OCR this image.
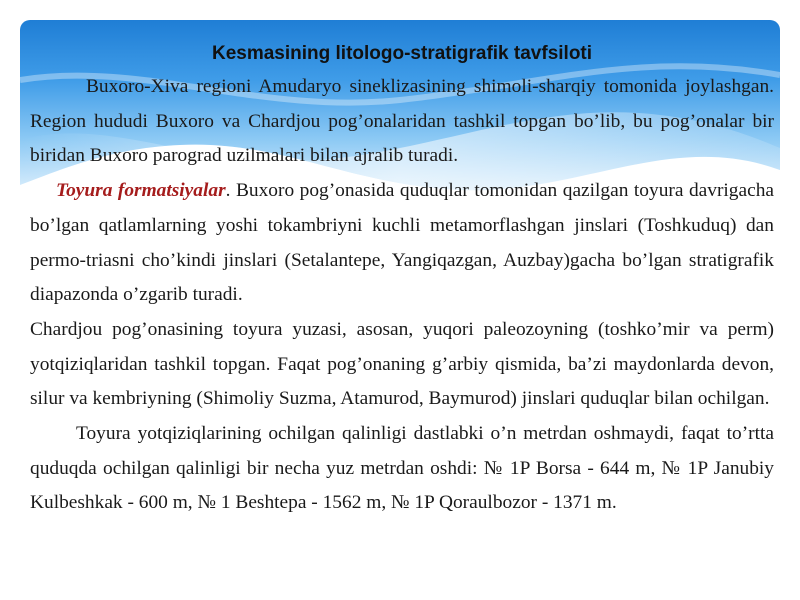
Kesmasining litologo-stratigrafik tavfsiloti

Buxoro-Xiva regioni Amudaryo sineklizasining shimoli-sharqiy tomonida joylashgan. Region hududi Buxoro va Chardjou pog’onalaridan tashkil topgan bo’lib, bu pog’onalar bir biridan Buxoro parograd uzilmalari bilan ajralib turadi.

Toyura formatsiyalar. Buxoro pog’onasida quduqlar tomonidan qazilgan toyura davrigacha bo’lgan qatlamlarning yoshi tokambriyni kuchli metamorflashgan jinslari (Toshkuduq) dan permo-triasni cho’kindi jinslari (Setalantepe, Yangiqazgan, Auzbay)gacha bo’lgan stratigrafik diapazonda o’zgarib turadi.

Chardjou pog’onasining toyura yuzasi, asosan, yuqori paleozoyning (toshko’mir va perm) yotqiziqlaridan tashkil topgan. Faqat pog’onaning g’arbiy qismida, ba’zi maydonlarda devon, silur va kembriyning (Shimoliy Suzma, Atamurod, Baymurod) jinslari quduqlar bilan ochilgan.

Toyura yotqiziqlarining ochilgan qalinligi dastlabki o’n metrdan oshmaydi, faqat to’rtta quduqda ochilgan qalinligi bir necha yuz metrdan oshdi: № 1P Borsa - 644 m, № 1P Janubiy Kulbeshkak - 600 m, № 1 Beshtepa - 1562 m, № 1P Qoraulbozor - 1371 m.
